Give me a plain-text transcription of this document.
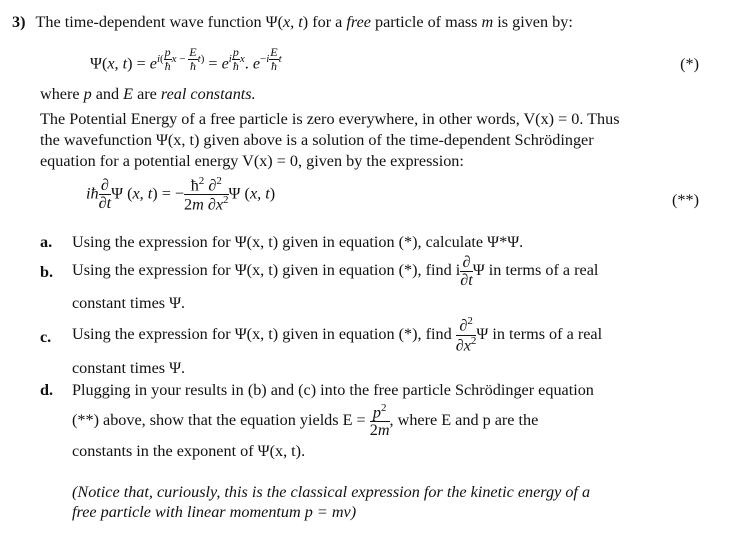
3) The time-dependent wave function Ψ(x, t) for a free particle of mass m is given by:
Ψ(x, $t) = e^{i( \frac{p}{ħ} x - \frac{E}{ħ} t)} = e^{i \frac{p}{ħ} x}$. $e^{-i \frac{E}{ħ} t}$	(*)
where p and E are real constants.
The Potential Energy of a free particle is zero everywhere, in other words, V(x) = 0. Thus
the wavefunction Ψ(x, t) given above is a solution of the time-dependent Schrödinger
equation for a potential energy V(x) = 0, given by the expression:
iħ $\frac{\partial}{\partial t}$ Ψ (x, t) = − $\frac{ħ^2 \partial^2}{2m \partial x^2}$ Ψ (x, t)	(**)
a. Using the expression for Ψ(x, t) given in equation (*), calculate Ψ*Ψ.
b. Using the expression for Ψ(x, t) given in equation (*), find i $\frac{\partial}{\partial t}$ Ψ in terms of a real
constant times Ψ.
c. Using the expression for Ψ(x, t) given in equation (*), find $\frac{\partial^2}{\partial x^2}$ Ψ in terms of a real
constant times Ψ.
d. Plugging in your results in (b) and (c) into the free particle Schrödinger equation
(**) above, show that the equation yields $E = \frac{p^2}{2m}$ , where E and p are the
constants in the exponent of Ψ(x, t).
(Notice that, curiously, this is the classical expression for the kinetic energy of a
free particle with linear momentum p = mv)
